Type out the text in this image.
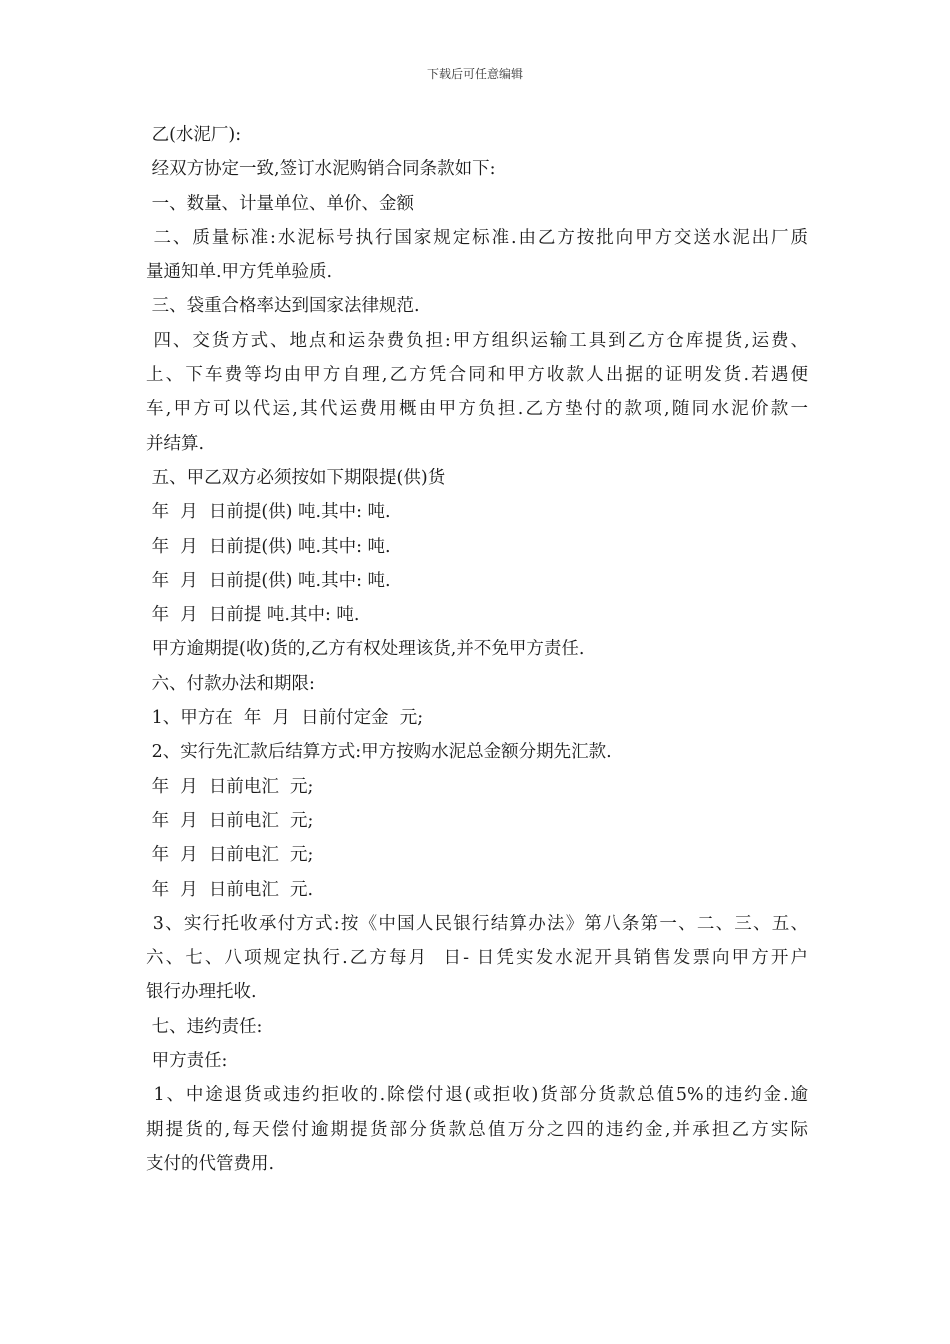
下载后可任意编辑
乙(水泥厂):
经双方协定一致,签订水泥购销合同条款如下:
一、数量、计量单位、单价、金额
二、质量标准:水泥标号执行国家规定标准.由乙方按批向甲方交送水泥出厂质
量通知单.甲方凭单验质.
三、袋重合格率达到国家法律规范.
四、交货方式、地点和运杂费负担:甲方组织运输工具到乙方仓库提货,运费、
上、下车费等均由甲方自理,乙方凭合同和甲方收款人出据的证明发货.若遇便
车,甲方可以代运,其代运费用概由甲方负担.乙方垫付的款项,随同水泥价款一
并结算.
五、甲乙双方必须按如下期限提(供)货
年  月  日前提(供) 吨.其中: 吨.
年  月  日前提(供) 吨.其中: 吨.
年  月  日前提(供) 吨.其中: 吨.
年  月  日前提 吨.其中: 吨.
甲方逾期提(收)货的,乙方有权处理该货,并不免甲方责任.
六、付款办法和期限:
1、甲方在  年  月  日前付定金  元;
2、实行先汇款后结算方式:甲方按购水泥总金额分期先汇款.
年  月  日前电汇  元;
年  月  日前电汇  元;
年  月  日前电汇  元;
年  月  日前电汇  元.
3、实行托收承付方式:按《中国人民银行结算办法》第八条第一、二、三、五、
六、七、八项规定执行.乙方每月  日- 日凭实发水泥开具销售发票向甲方开户
银行办理托收.
七、违约责任:
甲方责任:
1、中途退货或违约拒收的.除偿付退(或拒收)货部分货款总值5%的违约金.逾
期提货的,每天偿付逾期提货部分货款总值万分之四的违约金,并承担乙方实际
支付的代管费用.
